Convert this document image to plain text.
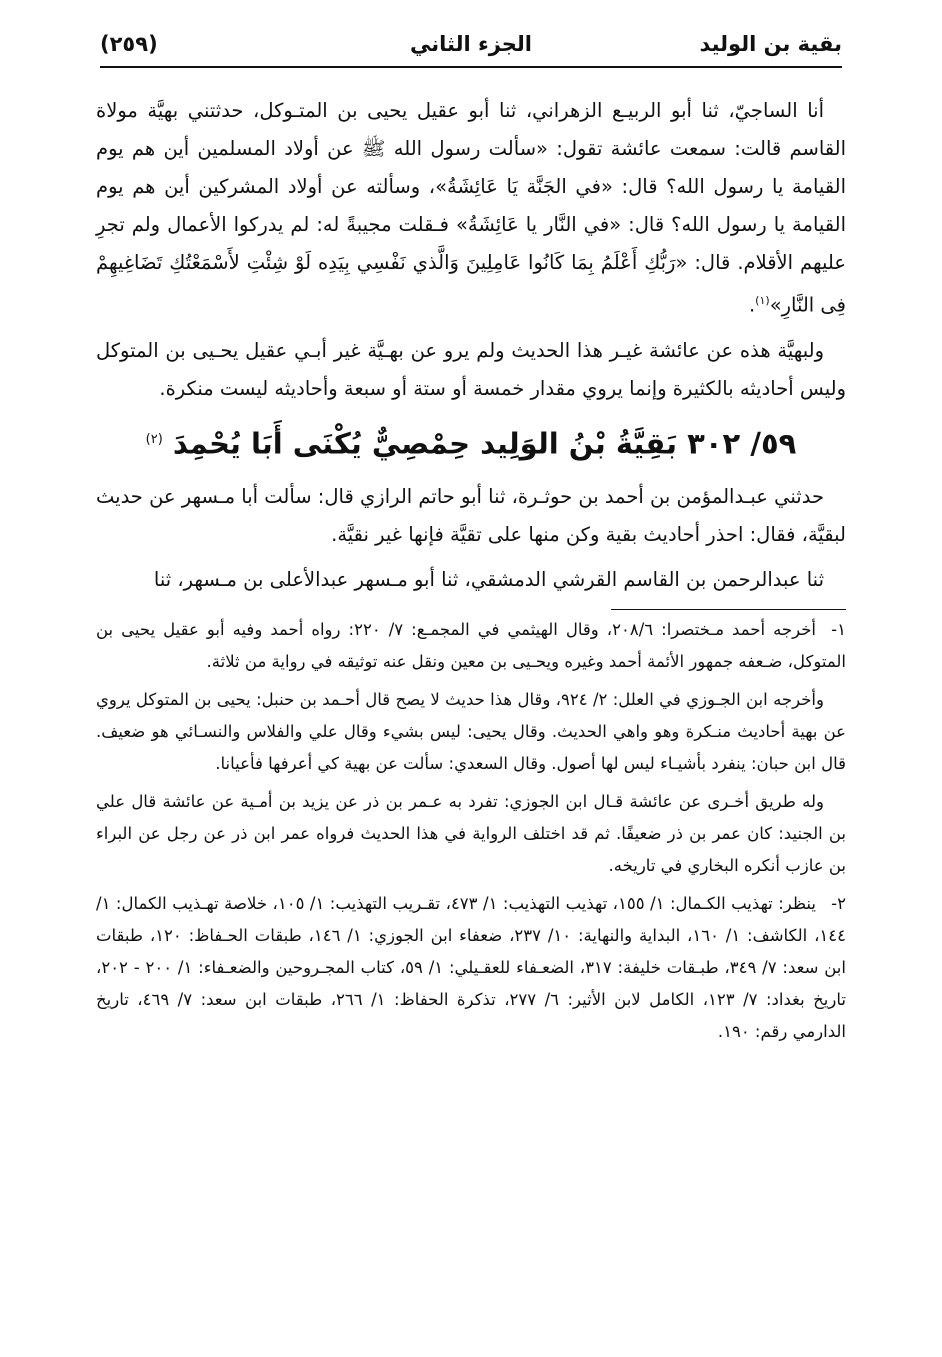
بقية بن الوليد
الجزء الثاني
(٢٥٩)

أنا الساجيّ، ثنا أبو الربيـع الزهراني، ثنا أبو عقيل يحيى بن المتـوكل، حدثتني بهيَّة مولاة القاسم قالت: سمعت عائشة تقول: «سألت رسول الله ﷺ عن أولاد المسلمين أين هم يوم القيامة يا رسول الله؟ قال: «في الجَنَّة يَا عَائِشَةُ»، وسألته عن أولاد المشركين أين هم يوم القيامة يا رسول الله؟ قال: «في النَّار يا عَائِشَةُ» فـقلت مجيبةً له: لم يدركوا الأعمال ولم تجرِ عليهم الأقلام. قال: «رَبُّكِ أَعْلَمُ بِمَا كَانُوا عَامِلِينَ وَالَّذي نَفْسِي بِيَدِه لَوْ شِئْتِ لأَسْمَعْتُكِ تَضَاغِيهِمْ فِى النَّارِ»$^{(١)}$.

ولبهيَّة هذه عن عائشة غيـر هذا الحديث ولم يرو عن بهـيَّة غير أبـي عقيل يحـيى بن المتوكل وليس أحاديثه بالكثيرة وإنما يروي مقدار خمسة أو ستة أو سبعة وأحاديثه ليست منكرة.

٥٩/ ٣٠٢ بَقِيَّةُ بْنُ الوَلِيد حِمْصِيٌّ يُكْنَى أَبَا يُحْمِدَ $^{(٢)}$

حدثني عبـدالمؤمن بن أحمد بن حوثـرة، ثنا أبو حاتم الرازي قال: سألت أبا مـسهر عن حديث لبقيَّة، فقال: احذر أحاديث بقية وكن منها على تقيَّة فإنها غير نقيَّة.

ثنا عبدالرحمن بن القاسم القرشي الدمشقي، ثنا أبو مـسهر عبدالأعلى بن مـسهر، ثنا

١-أخرجه أحمد مـختصرا: ٢٠٨/٦، وقال الهيثمي في المجمـع: ٧/ ٢٢٠: رواه أحمد وفيه أبو عقيل يحيى بن المتوكل، ضـعفه جمهور الأئمة أحمد وغيره ويحـيى بن معين ونقل عنه توثيقه في رواية من ثلاثة.

وأخرجه ابن الجـوزي في العلل: ٢/ ٩٢٤، وقال هذا حديث لا يصح قال أحـمد بن حنبل: يحيى بن المتوكل يروي عن بهية أحاديث منـكرة وهو واهي الحديث. وقال يحيى: ليس بشيء وقال علي والفلاس والنسـائي هو ضعيف. قال ابن حبان: ينفرد بأشيـاء ليس لها أصول. وقال السعدي: سألت عن بهية كي أعرفها فأعيانا.

وله طريق أخـرى عن عائشة قـال ابن الجوزي: تفرد به عـمر بن ذر عن يزيد بن أمـية عن عائشة قال علي بن الجنيد: كان عمر بن ذر ضعيفًا. ثم قد اختلف الرواية في هذا الحديث فرواه عمر ابن ذر عن رجل عن البراء بن عازب أنكره البخاري في تاريخه.

٢-ينظر: تهذيب الكـمال: ١/ ١٥٥، تهذيب التهذيب: ١/ ٤٧٣، تقـريب التهذيب: ١/ ١٠٥، خلاصة تهـذيب الكمال: ١/ ١٤٤، الكاشف: ١/ ١٦٠، البداية والنهاية: ١٠/ ٢٣٧، ضعفاء ابن الجوزي: ١/ ١٤٦، طبقات الحـفاظ: ١٢٠، طبقات ابن سعد: ٧/ ٣٤٩، طبـقات خليفة: ٣١٧، الضعـفاء للعقـيلي: ١/ ٥٩، كتاب المجـروحين والضعـفاء: ١/ ٢٠٠ - ٢٠٢، تاريخ بغداد: ٧/ ١٢٣، الكامل لابن الأثير: ٦/ ٢٧٧، تذكرة الحفاظ: ١/ ٢٦٦، طبقات ابن سعد: ٧/ ٤٦٩، تاريخ الدارمي رقم: ١٩٠.
